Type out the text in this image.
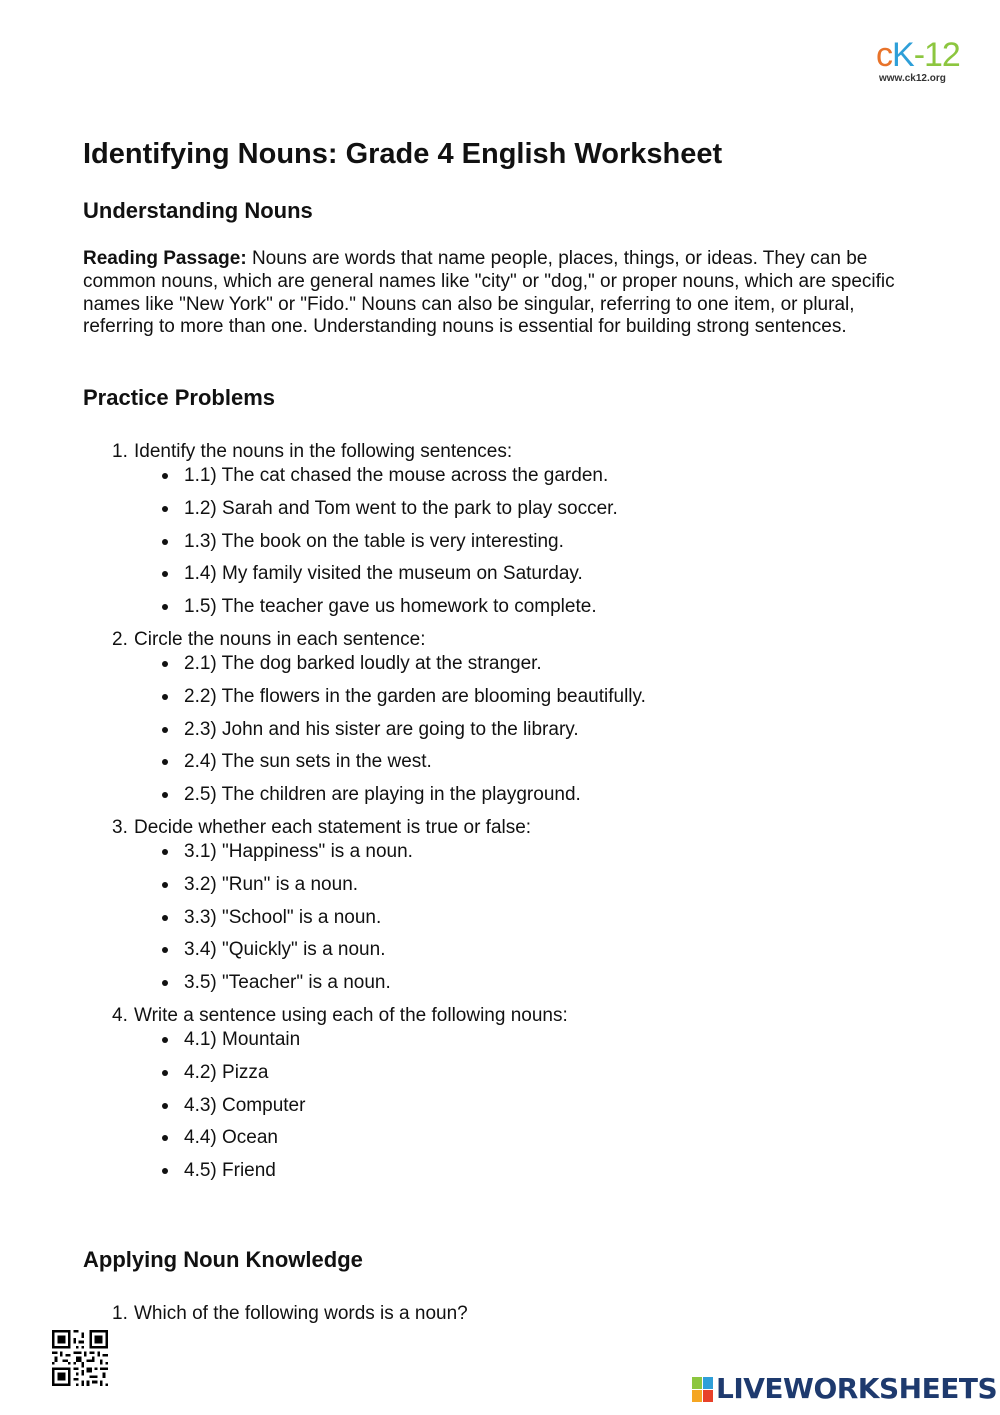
cK-12
www.ck12.org
Identifying Nouns: Grade 4 English Worksheet
Understanding Nouns

Reading Passage: Nouns are words that name people, places, things, or ideas. They can be common nouns, which are general names like "city" or "dog," or proper nouns, which are specific names like "New York" or "Fido." Nouns can also be singular, referring to one item, or plural, referring to more than one. Understanding nouns is essential for building strong sentences.

Practice Problems
1. Identify the nouns in the following sentences:
1.1) The cat chased the mouse across the garden.
1.2) Sarah and Tom went to the park to play soccer.
1.3) The book on the table is very interesting.
1.4) My family visited the museum on Saturday.
1.5) The teacher gave us homework to complete.
2. Circle the nouns in each sentence:
2.1) The dog barked loudly at the stranger.
2.2) The flowers in the garden are blooming beautifully.
2.3) John and his sister are going to the library.
2.4) The sun sets in the west.
2.5) The children are playing in the playground.
3. Decide whether each statement is true or false:
3.1) "Happiness" is a noun.
3.2) "Run" is a noun.
3.3) "School" is a noun.
3.4) "Quickly" is a noun.
3.5) "Teacher" is a noun.
4. Write a sentence using each of the following nouns:
4.1) Mountain
4.2) Pizza
4.3) Computer
4.4) Ocean
4.5) Friend
Applying Noun Knowledge
1. Which of the following words is a noun?
LIVEWORKSHEETS
